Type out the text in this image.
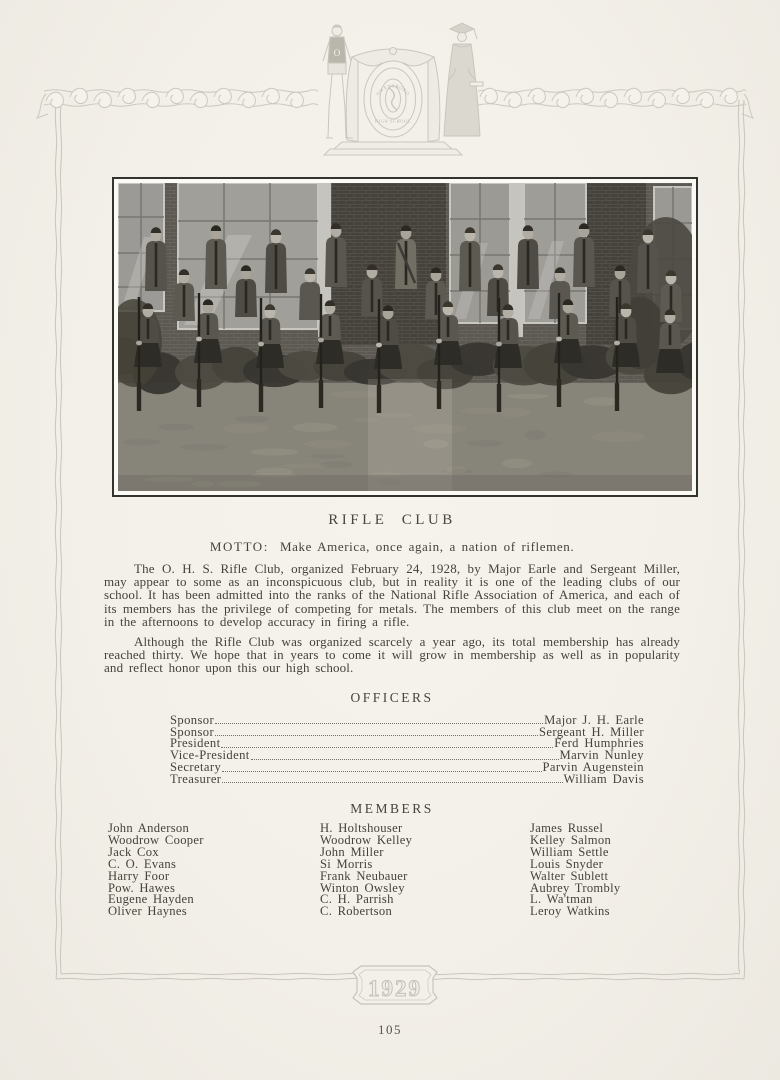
OWENSBORO
HIGH SCHOOL
O
1929
RIFLE CLUB
MOTTO: Make America, once again, a nation of riflemen.

The O. H. S. Rifle Club, organized February 24, 1928, by Major Earle and Sergeant Miller, may appear to some as an inconspicuous club, but in reality it is one of the leading clubs of our school. It has been admitted into the ranks of the National Rifle Association of America, and each of its members has the privilege of competing for metals. The members of this club meet on the range in the afternoons to develop accuracy in firing a rifle.

Although the Rifle Club was organized scarcely a year ago, its total membership has already reached thirty. We hope that in years to come it will grow in membership as well as in popularity and reflect honor upon this our high school.

OFFICERS
Sponsor	Major J. H. Earle
Sponsor	Sergeant H. Miller
President	Ferd Humphries
Vice-President	Marvin Nunley
Secretary	Parvin Augenstein
Treasurer	William Davis
MEMBERS
John Anderson
Woodrow Cooper
Jack Cox
C. O. Evans
Harry Foor
Pow. Hawes
Eugene Hayden
Oliver Haynes
H. Holtshouser
Woodrow Kelley
John Miller
Si Morris
Frank Neubauer
Winton Owsley
C. H. Parrish
C. Robertson
James Russel
Kelley Salmon
William Settle
Louis Snyder
Walter Sublett
Aubrey Trombly
L. Wa'tman
Leroy Watkins
105
